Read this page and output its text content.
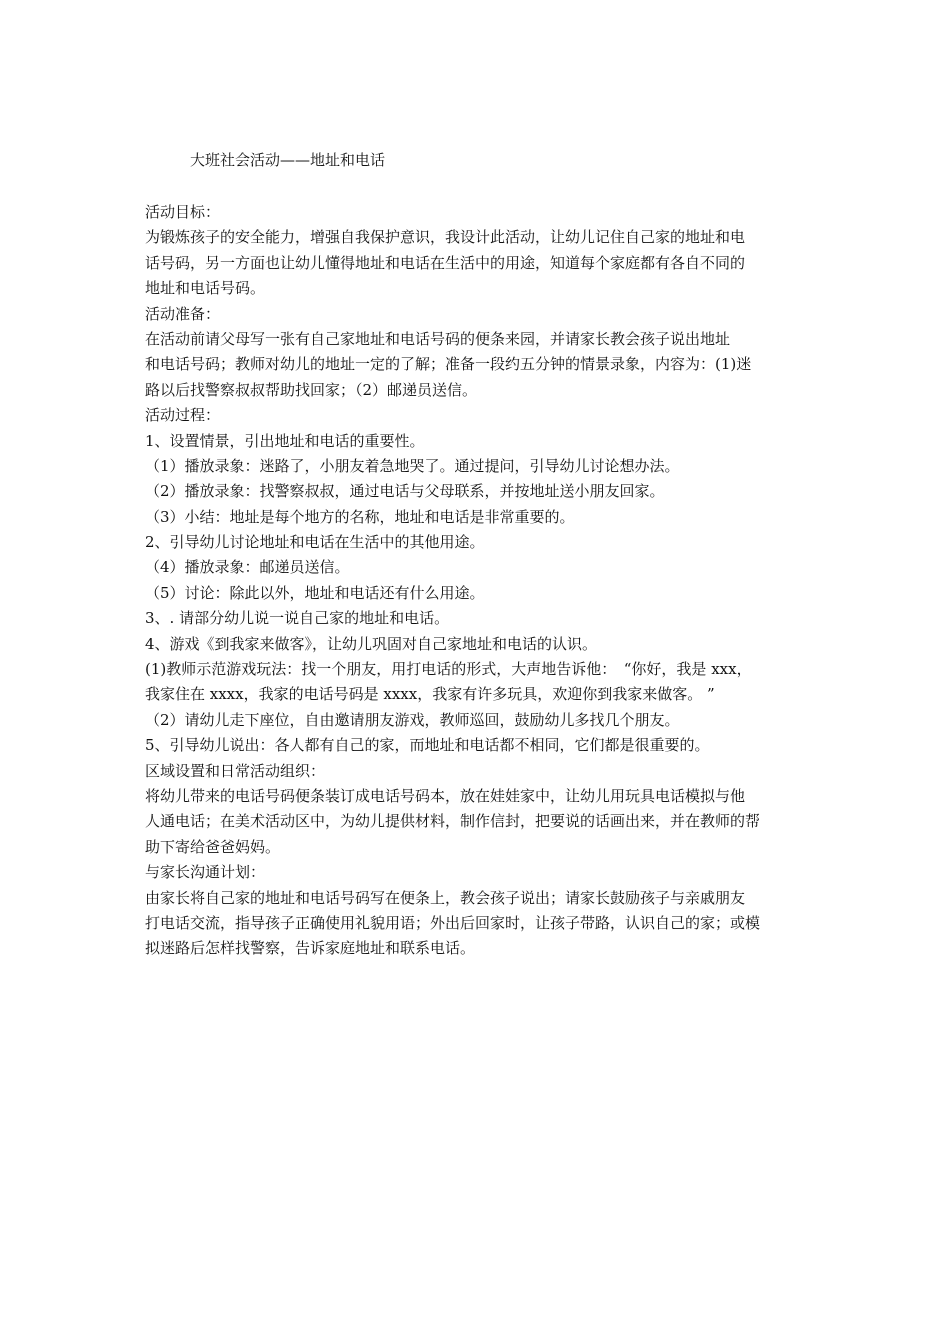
大班社会活动——地址和电话
活动目标：
为锻炼孩子的安全能力，增强自我保护意识，我设计此活动，让幼儿记住自己家的地址和电
话号码，另一方面也让幼儿懂得地址和电话在生活中的用途，知道每个家庭都有各自不同的
地址和电话号码。
活动准备：
在活动前请父母写一张有自己家地址和电话号码的便条来园，并请家长教会孩子说出地址
和电话号码；教师对幼儿的地址一定的了解；准备一段约五分钟的情景录象，内容为：(1)迷
路以后找警察叔叔帮助找回家；（2）邮递员送信。
活动过程：
1、设置情景，引出地址和电话的重要性。
（1）播放录象：迷路了，小朋友着急地哭了。通过提问，引导幼儿讨论想办法。
（2）播放录象：找警察叔叔，通过电话与父母联系，并按地址送小朋友回家。
（3）小结：地址是每个地方的名称，地址和电话是非常重要的。
2、引导幼儿讨论地址和电话在生活中的其他用途。
（4）播放录象：邮递员送信。
（5）讨论：除此以外，地址和电话还有什么用途。
3、. 请部分幼儿说一说自己家的地址和电话。
4、游戏《到我家来做客》，让幼儿巩固对自己家地址和电话的认识。
(1)教师示范游戏玩法：找一个朋友，用打电话的形式，大声地告诉他：　“你好，我是 xxx，
我家住在 xxxx，我家的电话号码是 xxxx，我家有许多玩具，欢迎你到我家来做客。 ”
（2）请幼儿走下座位，自由邀请朋友游戏，教师巡回，鼓励幼儿多找几个朋友。
5、引导幼儿说出：各人都有自己的家，而地址和电话都不相同，它们都是很重要的。
区域设置和日常活动组织：
将幼儿带来的电话号码便条装订成电话号码本，放在娃娃家中，让幼儿用玩具电话模拟与他
人通电话；在美术活动区中，为幼儿提供材料，制作信封，把要说的话画出来，并在教师的帮
助下寄给爸爸妈妈。
与家长沟通计划：
由家长将自己家的地址和电话号码写在便条上，教会孩子说出；请家长鼓励孩子与亲戚朋友
打电话交流，指导孩子正确使用礼貌用语；外出后回家时，让孩子带路，认识自己的家；或模
拟迷路后怎样找警察，告诉家庭地址和联系电话。
